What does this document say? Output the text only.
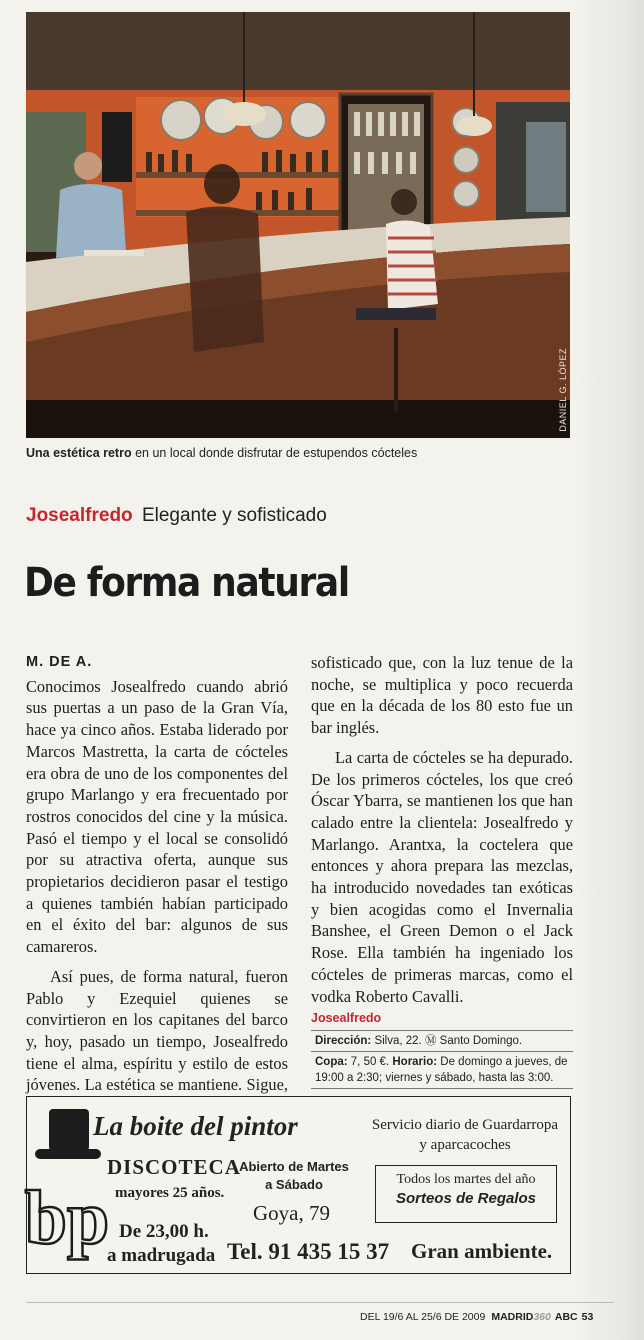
DANIEL G. LÓPEZ
Una estética retro en un local donde disfrutar de estupendos cócteles
Josealfredo Elegante y sofisticado
De forma natural
M. DE A.

Conocimos Josealfredo cuando abrió sus puertas a un paso de la Gran Vía, hace ya cinco años. Estaba liderado por Marcos Mastretta, la carta de cócteles era obra de uno de los componentes del grupo Marlango y era frecuentado por rostros conocidos del cine y la música. Pasó el tiempo y el local se consolidó por su atractiva oferta, aunque sus propietarios decidieron pasar el testigo a quienes también habían participado en el éxito del bar: algunos de sus camareros.

Así pues, de forma natural, fueron Pablo y Ezequiel quienes se convirtieron en los capitanes del barco y, hoy, pasado un tiempo, Josealfredo tiene el alma, espíritu y estilo de estos jóvenes. La estética se mantiene. Sigue,

sofisticado que, con la luz tenue de la noche, se multiplica y poco recuerda que en la década de los 80 esto fue un bar inglés.

La carta de cócteles se ha depurado. De los primeros cócteles, los que creó Óscar Ybarra, se mantienen los que han calado entre la clientela: Josealfredo y Marlango. Arantxa, la coctelera que entonces y ahora prepara las mezclas, ha introducido novedades tan exóticas y bien acogidas como el Invernalia Banshee, el Green Demon o el Jack Rose. Ella también ha ingeniado los cócteles de primeras marcas, como el vodka Roberto Cavalli.

Josealfredo
Dirección: Silva, 22. Ⓜ Santo Domingo.
Copa: 7, 50 €. Horario: De domingo a jueves, de 19:00 a 2:30; viernes y sábado, hasta las 3:00.
bp
La boite del pintor
DISCOTECA
mayores 25 años.
De 23,00 h.
a madrugada
Abierto de Martes
a Sábado
Goya, 79
Tel. 91 435 15 37
Servicio diario de Guardarropa
y aparcacoches
Todos los martes del año
Sorteos de Regalos
Gran ambiente.
DEL 19/6 AL 25/6 DE 2009 MADRID360 ABC 53
